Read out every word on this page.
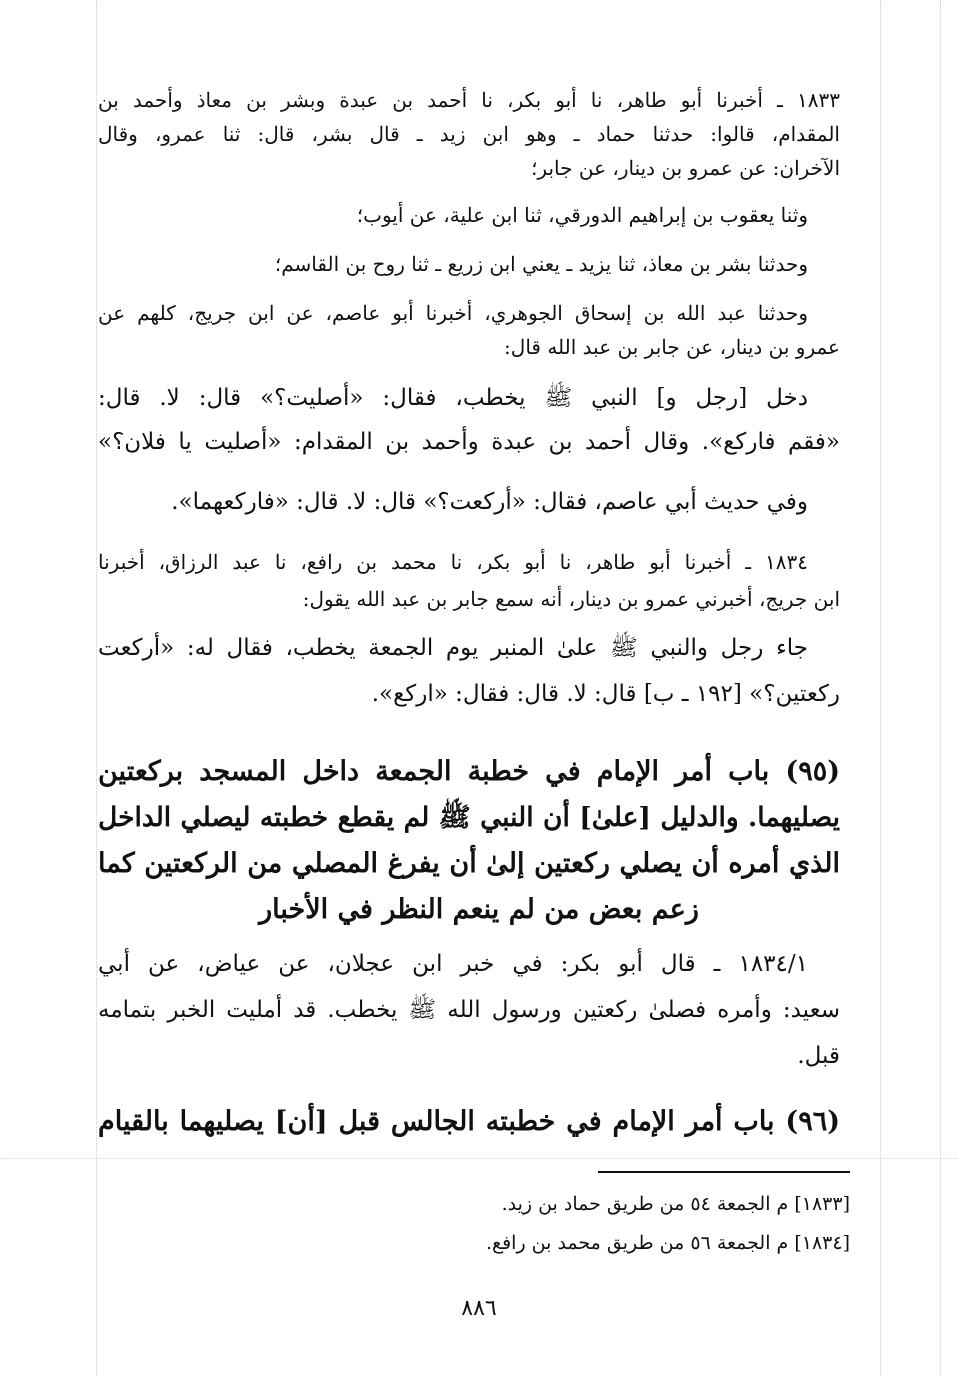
١٨٣٣ ـ أخبرنا أبو طاهر، نا أبو بكر، نا أحمد بن عبدة وبشر بن معاذ وأحمد بن
المقدام، قالوا: حدثنا حماد ـ وهو ابن زيد ـ قال بشر، قال: ثنا عمرو، وقال
الآخران: عن عمرو بن دينار، عن جابر؛
وثنا يعقوب بن إبراهيم الدورقي، ثنا ابن علية، عن أيوب؛
وحدثنا بشر بن معاذ، ثنا يزيد ـ يعني ابن زريع ـ ثنا روح بن القاسم؛
وحدثنا عبد الله بن إسحاق الجوهري، أخبرنا أبو عاصم، عن ابن جريج، كلهم عن
عمرو بن دينار، عن جابر بن عبد الله قال:
دخل [رجل و] النبي ﷺ يخطب، فقال: «أصليت؟» قال: لا. قال:
«فقم فاركع». وقال أحمد بن عبدة وأحمد بن المقدام: «أصليت يا فلان؟»
وفي حديث أبي عاصم، فقال: «أركعت؟» قال: لا. قال: «فاركعهما».
١٨٣٤ ـ أخبرنا أبو طاهر، نا أبو بكر، نا محمد بن رافع، نا عبد الرزاق، أخبرنا
ابن جريج، أخبرني عمرو بن دينار، أنه سمع جابر بن عبد الله يقول:
جاء رجل والنبي ﷺ علىٰ المنبر يوم الجمعة يخطب، فقال له: «أركعت
ركعتين؟» [١٩٢ ـ ب] قال: لا. قال: فقال: «اركع».
(٩٥) باب أمر الإمام في خطبة الجمعة داخل المسجد بركعتين
يصليهما. والدليل [علىٰ] أن النبي ﷺ لم يقطع خطبته ليصلي الداخل
الذي أمره أن يصلي ركعتين إلىٰ أن يفرغ المصلي من الركعتين كما
زعم بعض من لم ينعم النظر في الأخبار
١٨٣٤/١ ـ قال أبو بكر: في خبر ابن عجلان، عن عياض، عن أبي
سعيد: وأمره فصلىٰ ركعتين ورسول الله ﷺ يخطب. قد أمليت الخبر بتمامه
قبل.
(٩٦) باب أمر الإمام في خطبته الجالس قبل [أن] يصليهما بالقيام
[١٨٣٣] م الجمعة ٥٤ من طريق حماد بن زيد.
[١٨٣٤] م الجمعة ٥٦ من طريق محمد بن رافع.
٨٨٦
